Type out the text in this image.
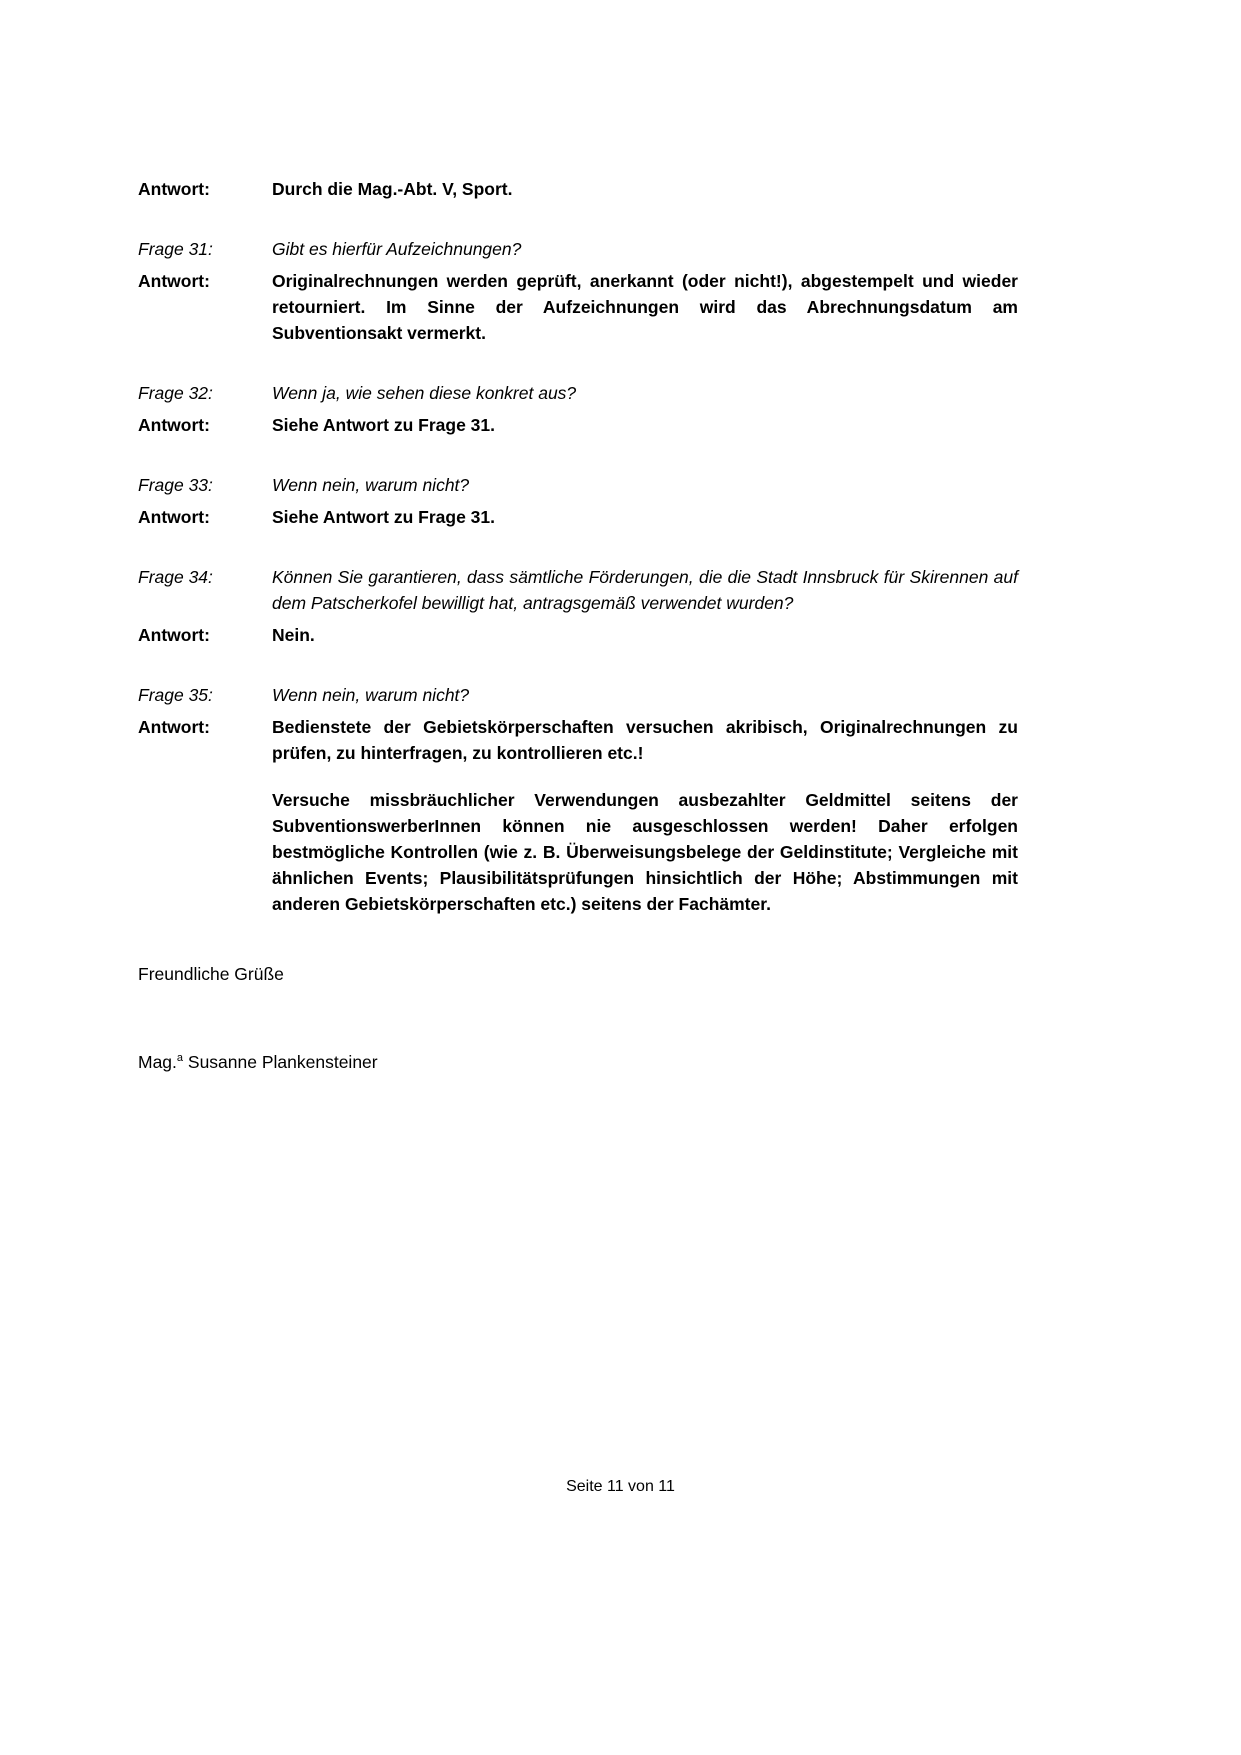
Antwort:	Durch die Mag.-Abt. V, Sport.

Frage 31:	Gibt es hierfür Aufzeichnungen?
Antwort:	Originalrechnungen werden geprüft, anerkannt (oder nicht!), abgestempelt und wieder retourniert. Im Sinne der Aufzeichnungen wird das Abrechnungsdatum am Subventionsakt vermerkt.

Frage 32:	Wenn ja, wie sehen diese konkret aus?
Antwort:	Siehe Antwort zu Frage 31.

Frage 33:	Wenn nein, warum nicht?
Antwort:	Siehe Antwort zu Frage 31.

Frage 34:	Können Sie garantieren, dass sämtliche Förderungen, die die Stadt Innsbruck für Skirennen auf dem Patscherkofel bewilligt hat, antragsgemäß verwendet wurden?
Antwort:	Nein.

Frage 35:	Wenn nein, warum nicht?
Antwort:	Bedienstete der Gebietskörperschaften versuchen akribisch, Originalrechnungen zu prüfen, zu hinterfragen, zu kontrollieren etc.!

Versuche missbräuchlicher Verwendungen ausbezahlter Geldmittel seitens der SubventionswerberInnen können nie ausgeschlossen werden! Daher erfolgen bestmögliche Kontrollen (wie z. B. Überweisungsbelege der Geldinstitute; Vergleiche mit ähnlichen Events; Plausibilitätsprüfungen hinsichtlich der Höhe; Abstimmungen mit anderen Gebietskörperschaften etc.) seitens der Fachämter.

Freundliche Grüße
Mag.$^a$ Susanne Plankensteiner
Seite 11 von 11
